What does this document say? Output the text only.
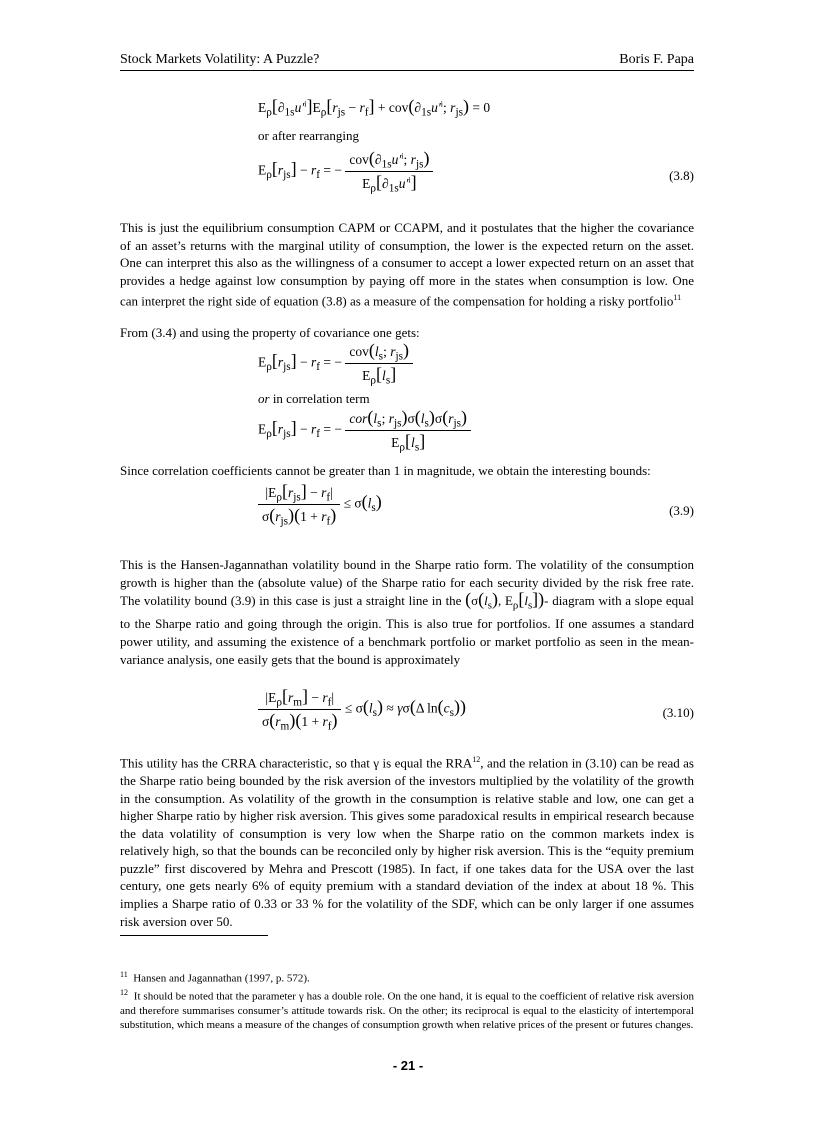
Stock Markets Volatility: A Puzzle?	Boris F. Papa
$E_\rho[\partial_{1s}u'^i]E_\rho[r_{js} - r_f] + cov(\partial_{1s}u'^i$; $r_{js}) = 0$
or after rearranging
$E_\rho[r_{js}] - r_f$ = − $\frac{cov(\partial_{1s}u'^i; r_{js})}{E_\rho[\partial_{1s}u'^i]}$	(3.8)
This is just the equilibrium consumption CAPM or CCAPM, and it postulates that the higher the covariance of an asset’s returns with the marginal utility of consumption, the lower is the expected return on the asset. One can interpret this also as the willingness of a consumer to accept a lower expected return on an asset that provides a hedge against low consumption by paying off more in the states when consumption is low. One can interpret the right side of equation (3.8) as a measure of the compensation for holding a risky portfolio$^{11}$
From (3.4) and using the property of covariance one gets:
$E_\rho[r_{js}] - r_f$ = − $\frac{cov(l_s; r_{js})}{E_\rho[l_s]}$
or in correlation term
$E_\rho[r_{js}] - r_f$ = − $\frac{cor(l_s; r_{js})\sigma(l_s)\sigma(r_{js})}{E_\rho[l_s]}$
Since correlation coefficients cannot be greater than 1 in magnitude, we obtain the interesting bounds:
$\frac{|E_\rho[r_{js}] - r_f|}{\sigma(r_{js})(1 + r_f)} \le \sigma(l_s)$	(3.9)
This is the Hansen-Jagannathan volatility bound in the Sharpe ratio form. The volatility of the consumption growth is higher than the (absolute value) of the Sharpe ratio for each security divided by the risk free rate. The volatility bound (3.9) in this case is just a straight line in the ($\sigma(l_s)$, $E_\rho[l_s])-$ diagram with a slope equal to the Sharpe ratio and going through the origin. This is also true for portfolios. If one assumes a standard power utility, and assuming the existence of a benchmark portfolio or market portfolio as seen in the mean-variance analysis, one easily gets that the bound is approximately
$\frac{|E_\rho[r_m] - r_f|}{\sigma(r_m)(1 + r_f)} \le \sigma(l_s) \approx \gamma\sigma(\Delta$ $\ln(c_s)$)	(3.10)
This utility has the CRRA characteristic, so that γ is equal the RRA$^{12}$, and the relation in (3.10) can be read as the Sharpe ratio being bounded by the risk aversion of the investors multiplied by the volatility of the growth in the consumption. As volatility of the growth in the consumption is relative stable and low, one can get a higher Sharpe ratio by higher risk aversion. This gives some paradoxical results in empirical research because the data volatility of consumption is very low when the Sharpe ratio on the common markets index is relatively high, so that the bounds can be reconciled only by higher risk aversion. This is the “equity premium puzzle” first discovered by Mehra and Prescott (1985). In fact, if one takes data for the USA over the last century, one gets nearly 6% of equity premium with a standard deviation of the index at about 18 %. This implies a Sharpe ratio of 0.33 or 33 % for the volatility of the SDF, which can be only larger if one assumes risk aversion over 50.
$^{11}$ Hansen and Jagannathan (1997, p. 572).
$^{12}$ It should be noted that the parameter γ has a double role. On the one hand, it is equal to the coefficient of relative risk aversion and therefore summarises consumer’s attitude towards risk. On the other; its reciprocal is equal to the elasticity of intertemporal substitution, which means a measure of the changes of consumption growth when relative prices of the present or futures changes.
- 21 -
